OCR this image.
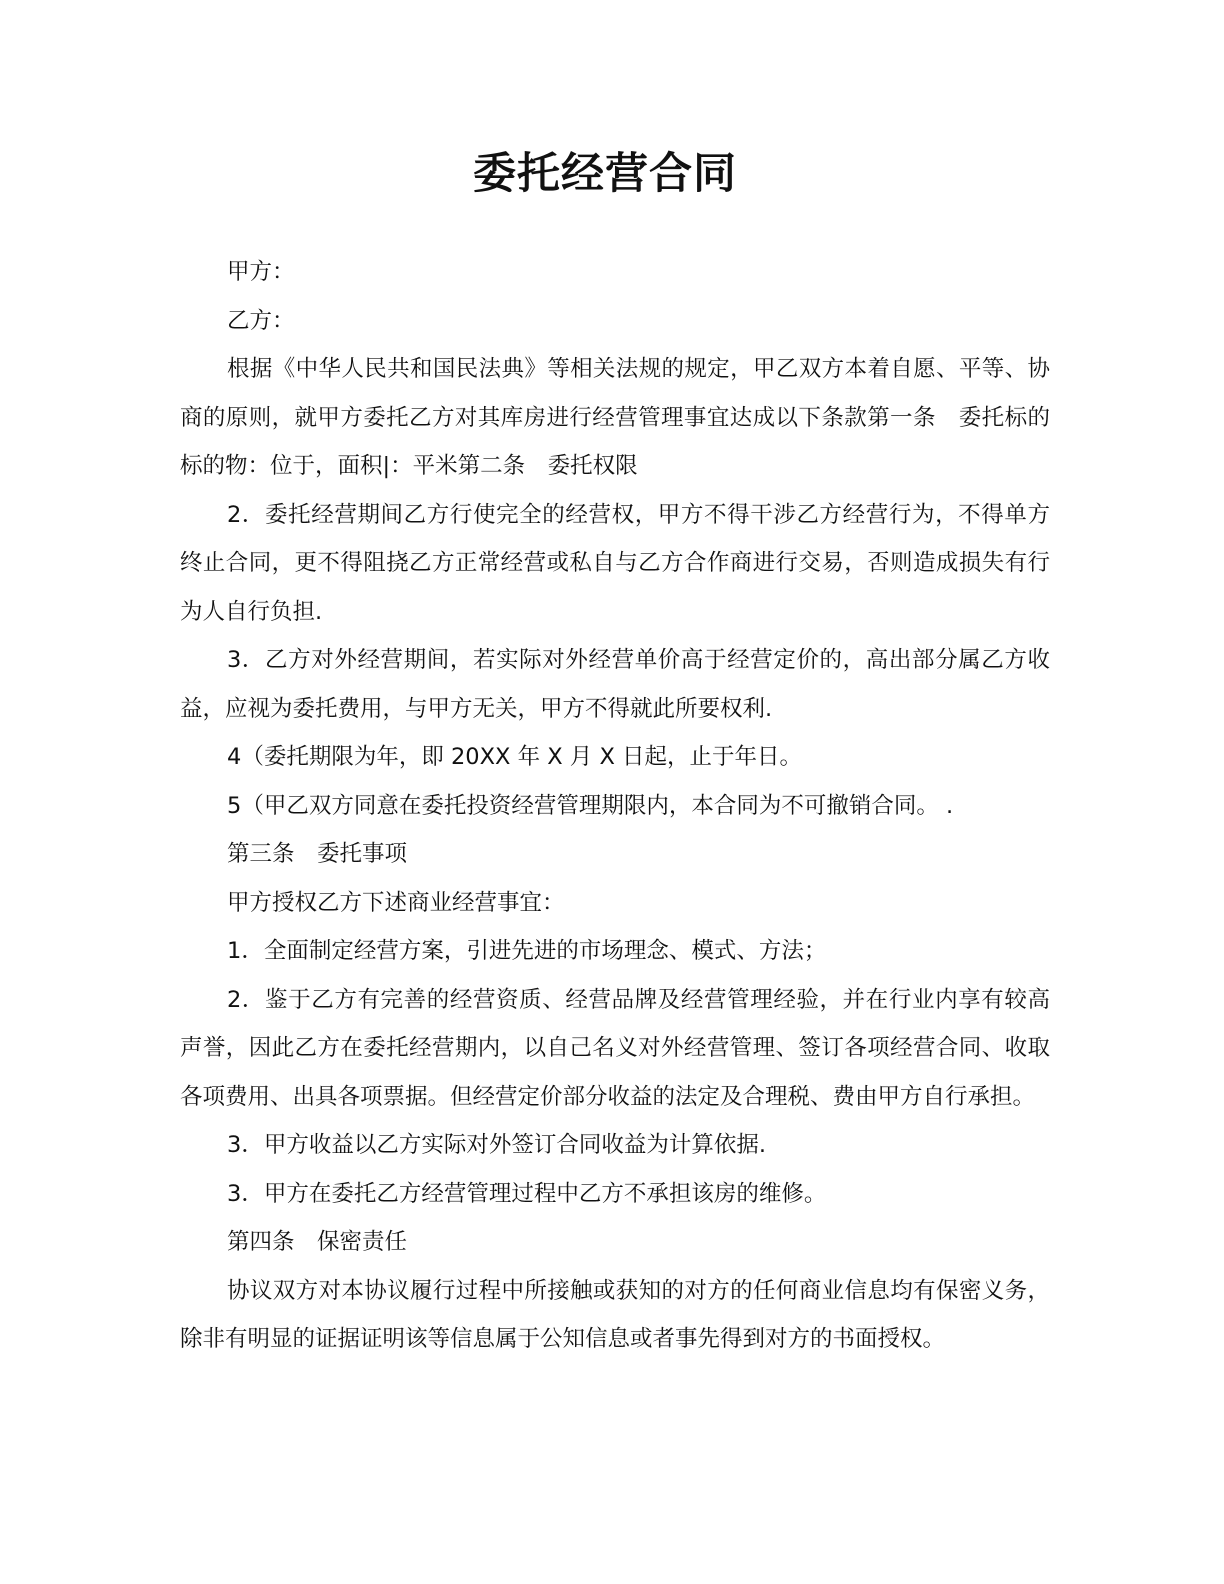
委托经营合同

甲方：

乙方：

根据《中华人民共和国民法典》等相关法规的规定，甲乙双方本着自愿、平等、协商的原则，就甲方委托乙方对其库房进行经营管理事宜达成以下条款第一条　委托标的 标的物：位于，面积|：平米第二条　委托权限

2．委托经营期间乙方行使完全的经营权，甲方不得干涉乙方经营行为，不得单方终止合同，更不得阻挠乙方正常经营或私自与乙方合作商进行交易，否则造成损失有行为人自行负担.

3．乙方对外经营期间，若实际对外经营单价高于经营定价的，高出部分属乙方收益，应视为委托费用，与甲方无关，甲方不得就此所要权利.

4（委托期限为年，即 20XX 年 X 月 X 日起，止于年日。

5（甲乙双方同意在委托投资经营管理期限内，本合同为不可撤销合同。 .

第三条　委托事项

甲方授权乙方下述商业经营事宜：

1．全面制定经营方案，引进先进的市场理念、模式、方法；

2．鉴于乙方有完善的经营资质、经营品牌及经营管理经验，并在行业内享有较高声誉，因此乙方在委托经营期内，以自己名义对外经营管理、签订各项经营合同、收取各项费用、出具各项票据。但经营定价部分收益的法定及合理税、费由甲方自行承担。

3．甲方收益以乙方实际对外签订合同收益为计算依据.

3．甲方在委托乙方经营管理过程中乙方不承担该房的维修。

第四条　保密责任

协议双方对本协议履行过程中所接触或获知的对方的任何商业信息均有保密义务，除非有明显的证据证明该等信息属于公知信息或者事先得到对方的书面授权。
